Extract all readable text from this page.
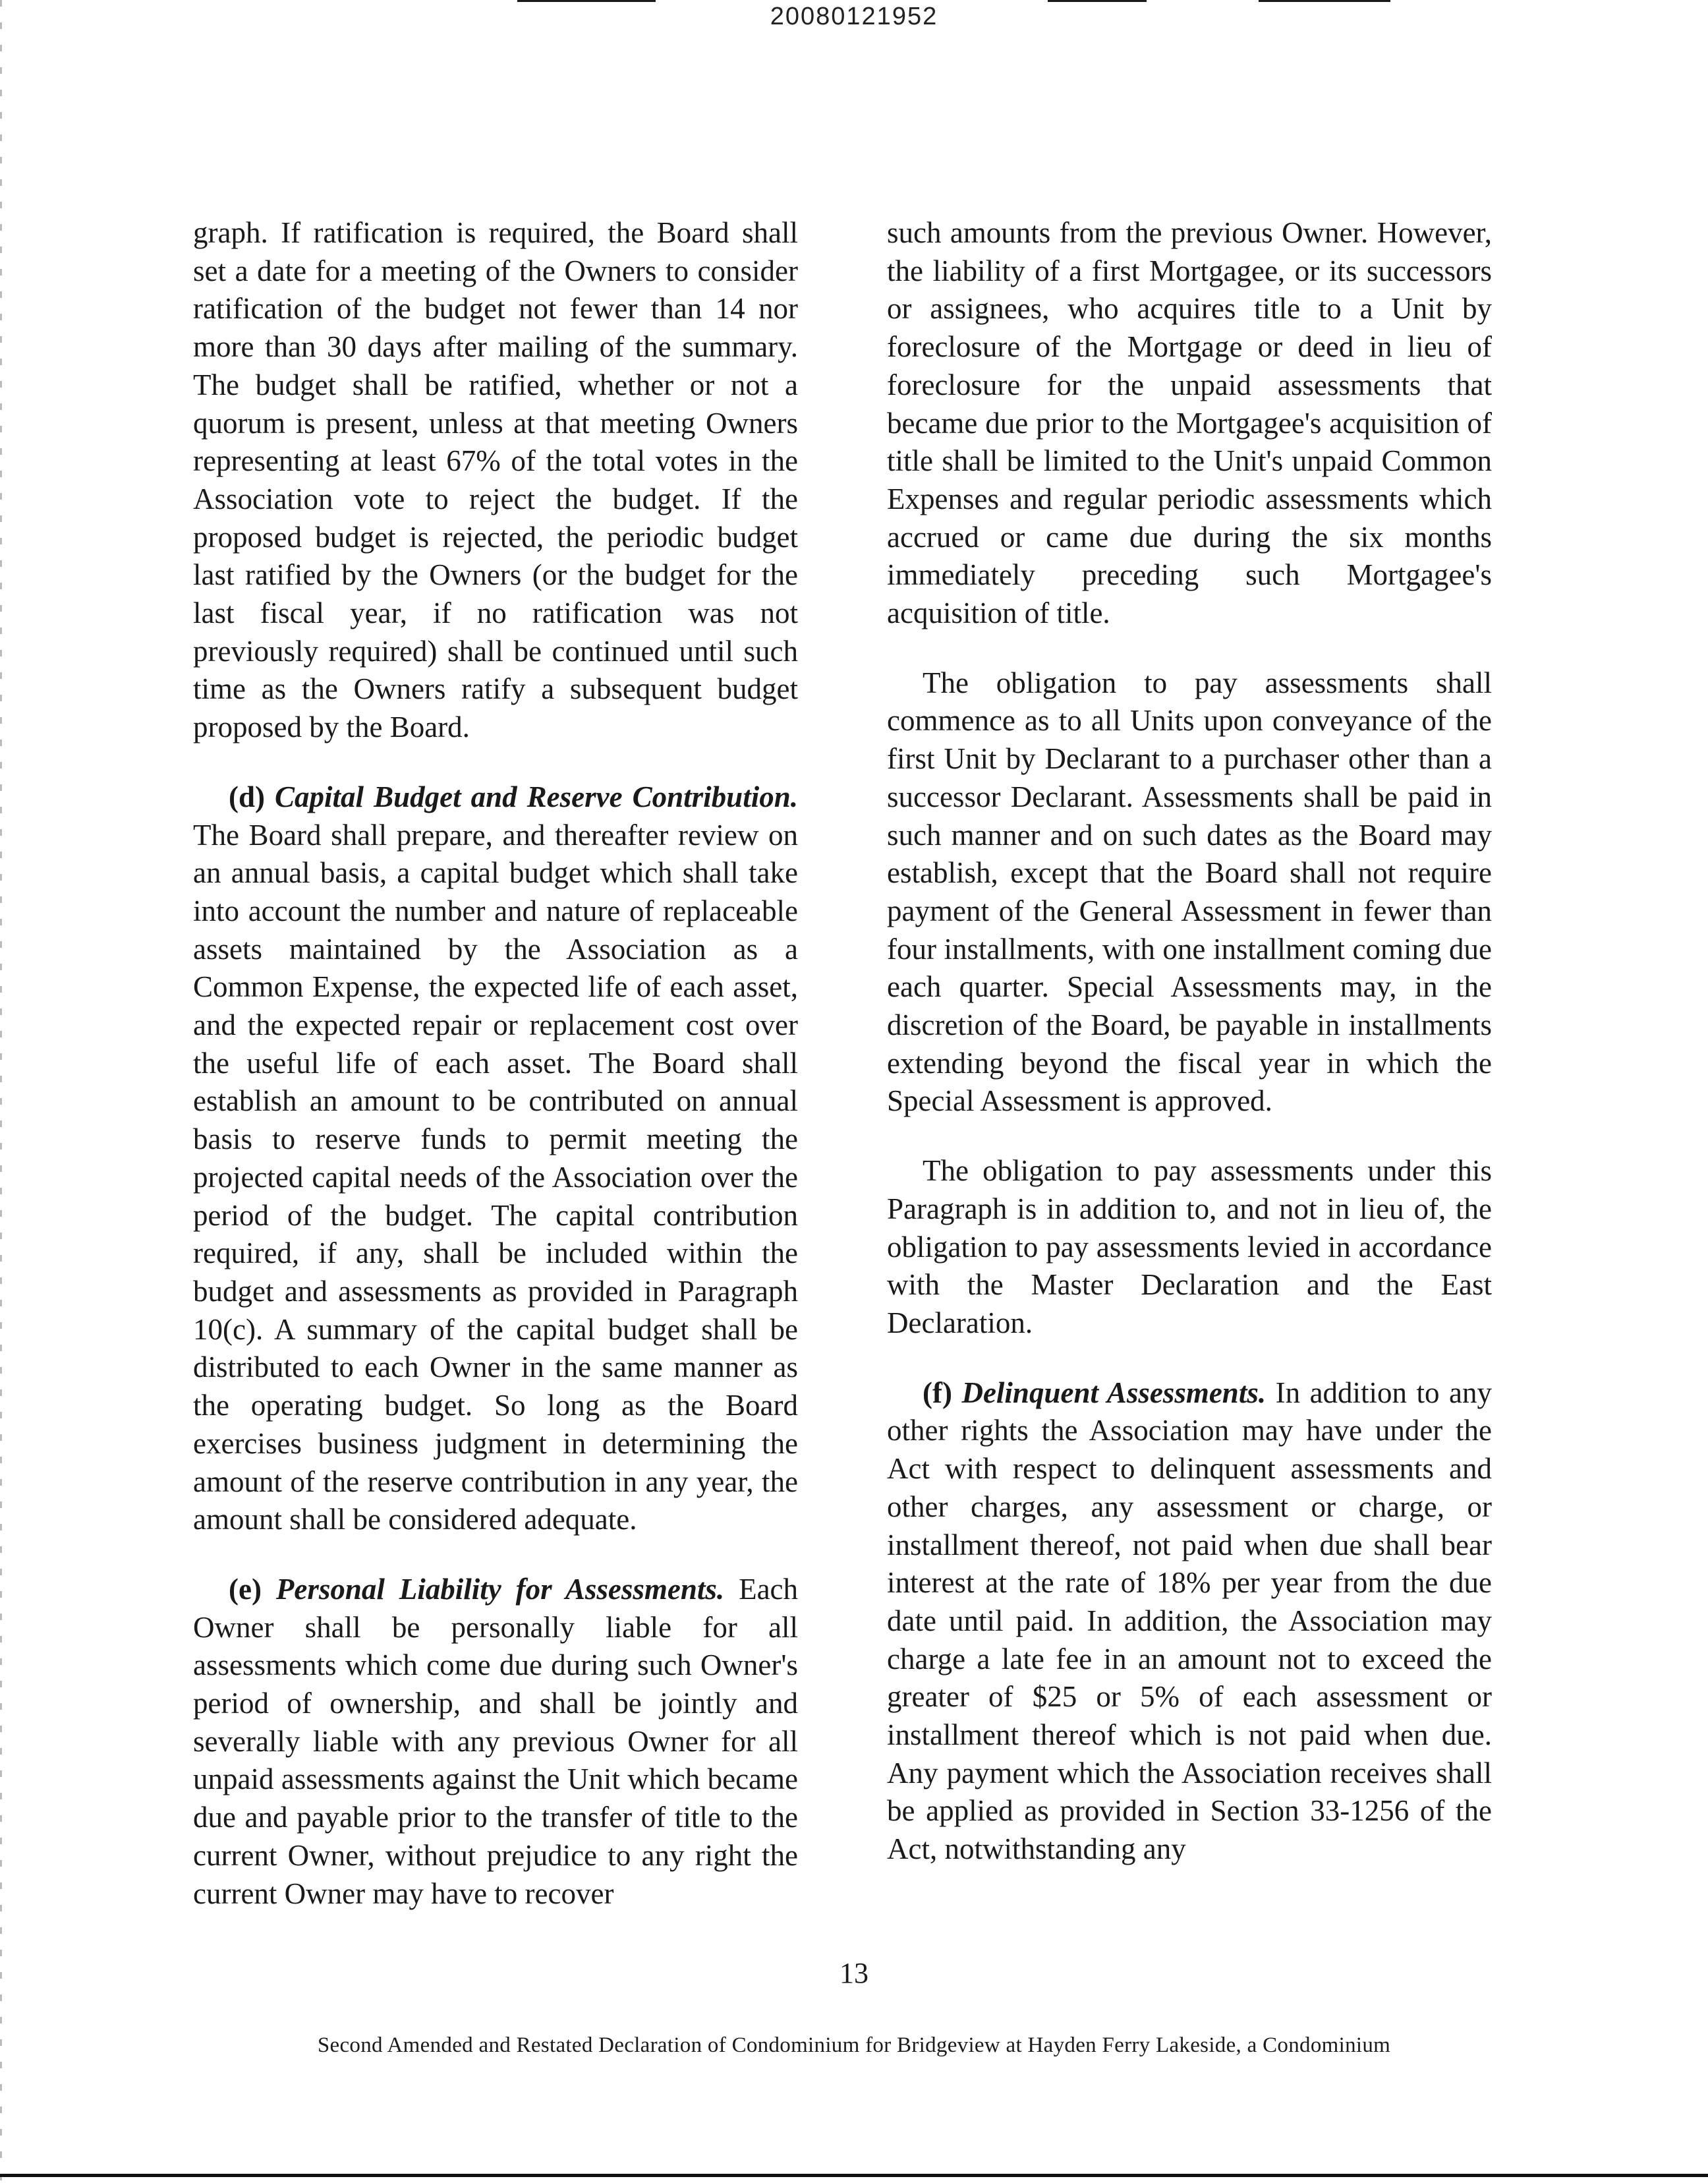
20080121952

graph. If ratification is required, the Board shall set a date for a meeting of the Owners to consider ratification of the budget not fewer than 14 nor more than 30 days after mailing of the summary. The budget shall be ratified, whether or not a quorum is present, unless at that meeting Owners representing at least 67% of the total votes in the Association vote to reject the budget. If the proposed budget is rejected, the periodic budget last ratified by the Owners (or the budget for the last fiscal year, if no ratification was not previously required) shall be continued until such time as the Owners ratify a subsequent budget proposed by the Board.

(d) Capital Budget and Reserve Contribution. The Board shall prepare, and thereafter review on an annual basis, a capital budget which shall take into account the number and nature of replaceable assets maintained by the Association as a Common Expense, the expected life of each asset, and the expected repair or replacement cost over the useful life of each asset. The Board shall establish an amount to be contributed on annual basis to reserve funds to permit meeting the projected capital needs of the Association over the period of the budget. The capital contribution required, if any, shall be included within the budget and assessments as provided in Paragraph 10(c). A summary of the capital budget shall be distributed to each Owner in the same manner as the operating budget. So long as the Board exercises business judgment in determining the amount of the reserve contribution in any year, the amount shall be considered adequate.

(e) Personal Liability for Assessments. Each Owner shall be personally liable for all assessments which come due during such Owner's period of ownership, and shall be jointly and severally liable with any previous Owner for all unpaid assessments against the Unit which became due and payable prior to the transfer of title to the current Owner, without prejudice to any right the current Owner may have to recover

such amounts from the previous Owner. However, the liability of a first Mortgagee, or its successors or assignees, who acquires title to a Unit by foreclosure of the Mortgage or deed in lieu of foreclosure for the unpaid assessments that became due prior to the Mortgagee's acquisition of title shall be limited to the Unit's unpaid Common Expenses and regular periodic assessments which accrued or came due during the six months immediately preceding such Mortgagee's acquisition of title.

The obligation to pay assessments shall commence as to all Units upon conveyance of the first Unit by Declarant to a purchaser other than a successor Declarant. Assessments shall be paid in such manner and on such dates as the Board may establish, except that the Board shall not require payment of the General Assessment in fewer than four installments, with one installment coming due each quarter. Special Assessments may, in the discretion of the Board, be payable in installments extending beyond the fiscal year in which the Special Assessment is approved.

The obligation to pay assessments under this Paragraph is in addition to, and not in lieu of, the obligation to pay assessments levied in accordance with the Master Declaration and the East Declaration.

(f) Delinquent Assessments. In addition to any other rights the Association may have under the Act with respect to delinquent assessments and other charges, any assessment or charge, or installment thereof, not paid when due shall bear interest at the rate of 18% per year from the due date until paid. In addition, the Association may charge a late fee in an amount not to exceed the greater of $25 or 5% of each assessment or installment thereof which is not paid when due. Any payment which the Association receives shall be applied as provided in Section 33-1256 of the Act, notwithstanding any

13
Second Amended and Restated Declaration of Condominium for Bridgeview at Hayden Ferry Lakeside, a Condominium
